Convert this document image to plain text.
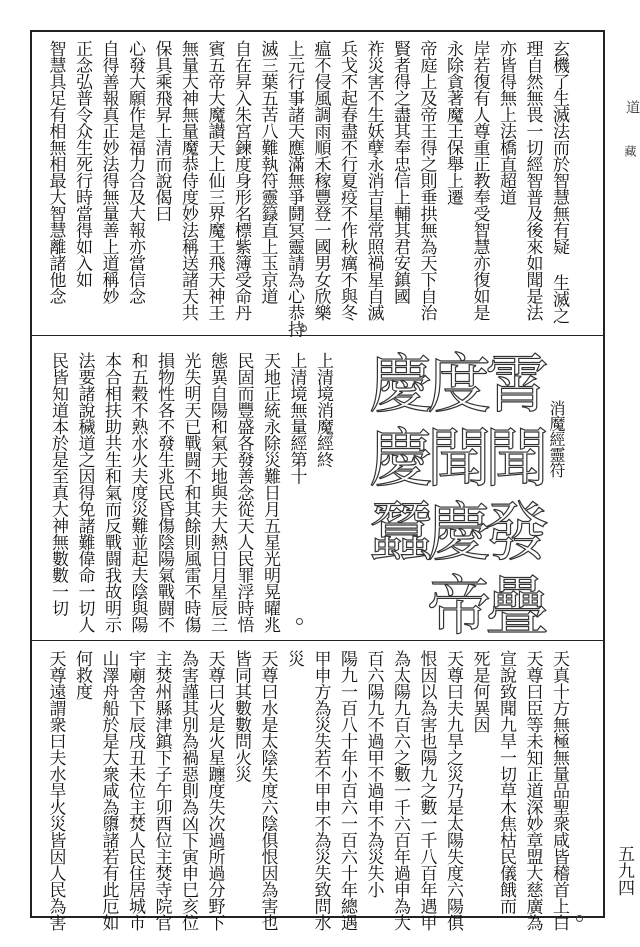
道
藏
五九四
玄機了生滅法而於智慧無有疑 生滅之
理自然無畏一切經智普及後來如聞是法
亦皆得無上法橋直超道
岸若復有人尊重正教奉受智慧亦復如是
永除貪著魔王保舉上遷
帝庭上及帝王得之則垂拱無為天下自治
賢者得之盡其奉忠信上輔其君安鎮國
祚災害不生妖孽永消吉星常照禍星自滅
兵戈不起春盡不行夏疫不作秋癘不與冬
瘟不侵風調雨順禾稼豐登一國男女欣樂
上元行事諸天應滿無爭鬪冥靈請為心恭持
滅三葉五苦八難執符靈籙直上玉京道
自在昇入朱宮鍊度身形名標紫簿受命丹
賓五帝大魔讃天上仙三界魔王飛天神王
無量大神無量魔恭侍度妙法稱送諸天共
保具乘飛昇上清而說偈曰
心發大願作是福力合及大報亦當信念
自得善報真正妙法得無量善上道稱妙
正念弘普令众生死行時當得如入如
智慧具足有相無相最大智慧離諸他念
上清境消魔經終
上清境無量經第十
天地正統永除災難日月五星光明晃曜兆
民固而豐盛各發善念從天人民罪浮時悟
態異自陽和氣天地與夫大熱日月星辰三
光失明天已戰闘不和其餘則風雷不時傷
損物性各不發生兆民昏傷陰陽氣戰闘不
和五穀不熟水火夫度災難並起夫陰與陽
本合相扶助共生和氣而反戰闘我故明示
法要諸說穢道之因得免諸難偉命一切人
民皆知道本於是至真大神無數數一切	霄聞發疊
度聞慶帝
慶慶蠶	消魔經靈符
天真十方無極無量品聖衆咸皆稽首上白
天尊曰臣等未知正道深妙章盟大慈廣為
宣說致聞九旱一切草木焦枯民儀餓而
死是何異因
天尊曰夫九旱之災乃是太陽失度六陽俱
恨因以為害也陽九之數一千八百年遇甲
為太陽九百六之數一千六百年過申為大
百六陽九不過甲不過申不為災失小
陽九一百八十年小百六一百六十年總遇
甲申方為災失若不甲申不為災失致問水
災
天尊曰水是太陰失度六陰俱恨因為害也
皆同其數數問火災
天尊曰火是火星躔度失次過所過分野下
為害謹其別為禍惡則為凶下寅申巳亥位
主焚州縣津鎮下子午卯酉位主焚寺院官
宇廟舍下辰戌丑未位主焚人民住居城市
山澤舟船於是大衆咸為隳諸若有此厄如
何救度
天尊遠謂衆曰夫水旱火災皆因人民為害
